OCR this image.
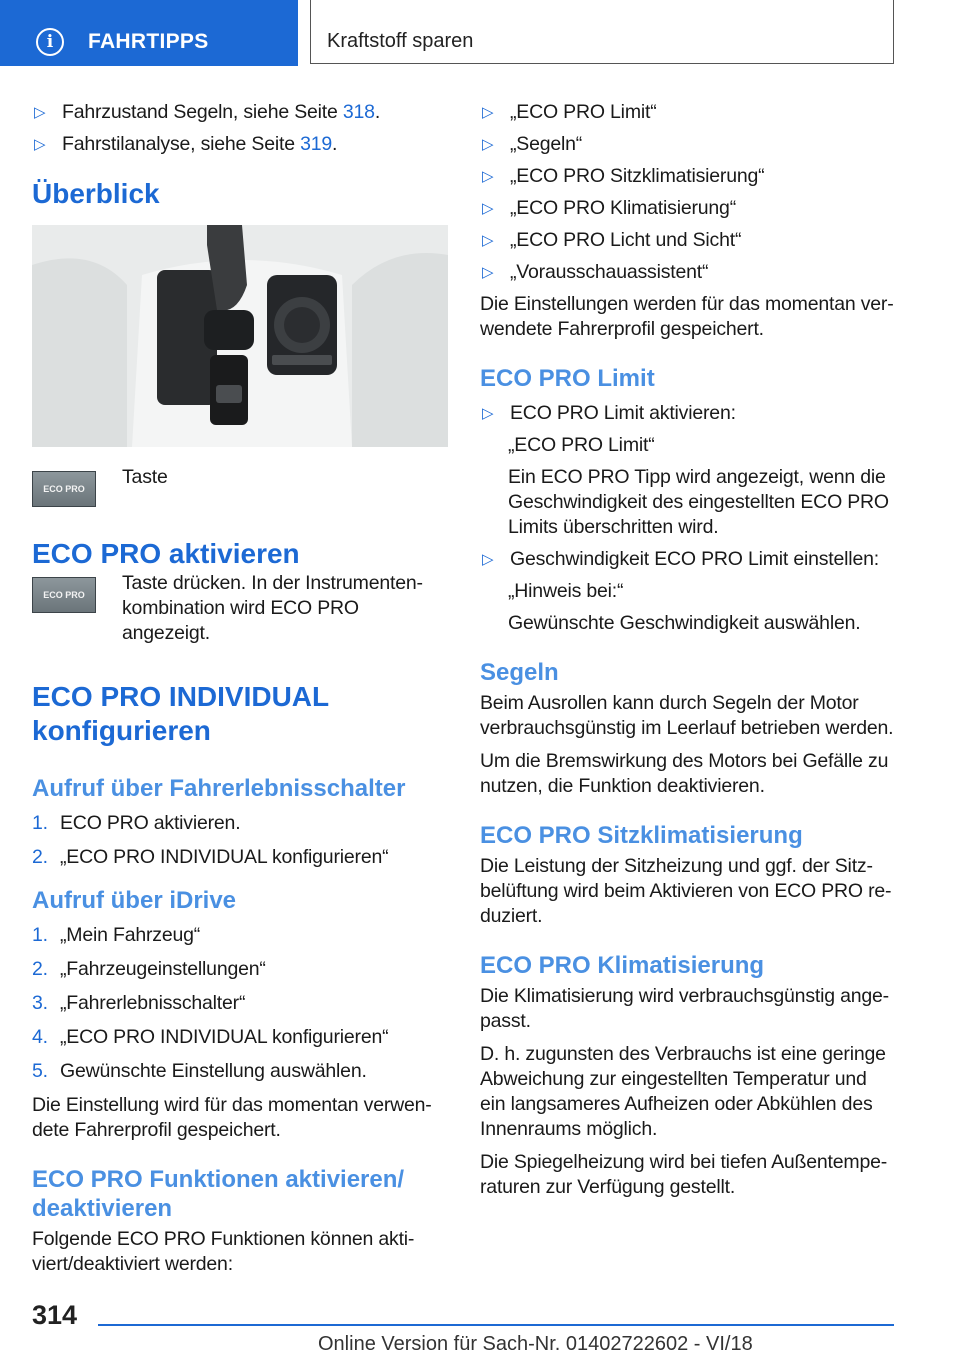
i	FAHRTIPPS	Kraftstoff sparen
▷ Fahrzustand Segeln, siehe Seite 318.
▷ Fahrstilanalyse, siehe Seite 319.
Überblick
ECO PRO
Taste
ECO PRO aktivieren
ECO PRO
Taste drücken. In der Instrumenten-kombination wird ECO PRO angezeigt.
ECO PRO INDIVIDUAL konfigurieren
Aufruf über Fahrerlebnisschalter
1. ECO PRO aktivieren.
2. „ECO PRO INDIVIDUAL konfigurieren“
Aufruf über iDrive
1. „Mein Fahrzeug“
2. „Fahrzeugeinstellungen“
3. „Fahrerlebnisschalter“
4. „ECO PRO INDIVIDUAL konfigurieren“
5. Gewünschte Einstellung auswählen.

Die Einstellung wird für das momentan verwen-dete Fahrerprofil gespeichert.

ECO PRO Funktionen aktivieren/ deaktivieren

Folgende ECO PRO Funktionen können akti-viert/deaktiviert werden:

▷ „ECO PRO Limit“
▷ „Segeln“
▷ „ECO PRO Sitzklimatisierung“
▷ „ECO PRO Klimatisierung“
▷ „ECO PRO Licht und Sicht“
▷ „Vorausschauassistent“

Die Einstellungen werden für das momentan ver-wendete Fahrerprofil gespeichert.

ECO PRO Limit
▷ ECO PRO Limit aktivieren:
„ECO PRO Limit“
Ein ECO PRO Tipp wird angezeigt, wenn die Geschwindigkeit des eingestellten ECO PRO Limits überschritten wird.
▷ Geschwindigkeit ECO PRO Limit einstellen:
„Hinweis bei:“
Gewünschte Geschwindigkeit auswählen.
Segeln

Beim Ausrollen kann durch Segeln der Motor verbrauchsgünstig im Leerlauf betrieben werden.

Um die Bremswirkung des Motors bei Gefälle zu nutzen, die Funktion deaktivieren.

ECO PRO Sitzklimatisierung

Die Leistung der Sitzheizung und ggf. der Sitz-belüftung wird beim Aktivieren von ECO PRO re-duziert.

ECO PRO Klimatisierung

Die Klimatisierung wird verbrauchsgünstig ange-passt.

D. h. zugunsten des Verbrauchs ist eine geringe Abweichung zur eingestellten Temperatur und ein langsameres Aufheizen oder Abkühlen des Innenraums möglich.

Die Spiegelheizung wird bei tiefen Außentempe-raturen zur Verfügung gestellt.

314
Online Version für Sach-Nr. 01402722602 - VI/18
